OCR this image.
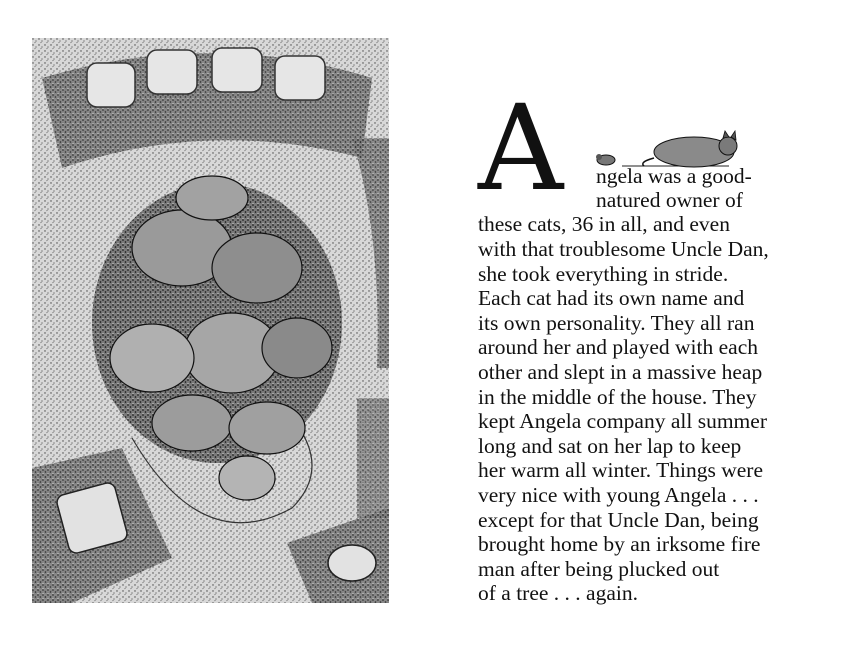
A ngela was a good-
natured owner of
these cats, 36 in all, and even
with that troublesome Uncle Dan,
she took everything in stride.
Each cat had its own name and
its own personality. They all ran
around her and played with each
other and slept in a massive heap
in the middle of the house. They
kept Angela company all summer
long and sat on her lap to keep
her warm all winter. Things were
very nice with young Angela . . .
except for that Uncle Dan, being
brought home by an irksome fire
man after being plucked out
of a tree . . . again.
